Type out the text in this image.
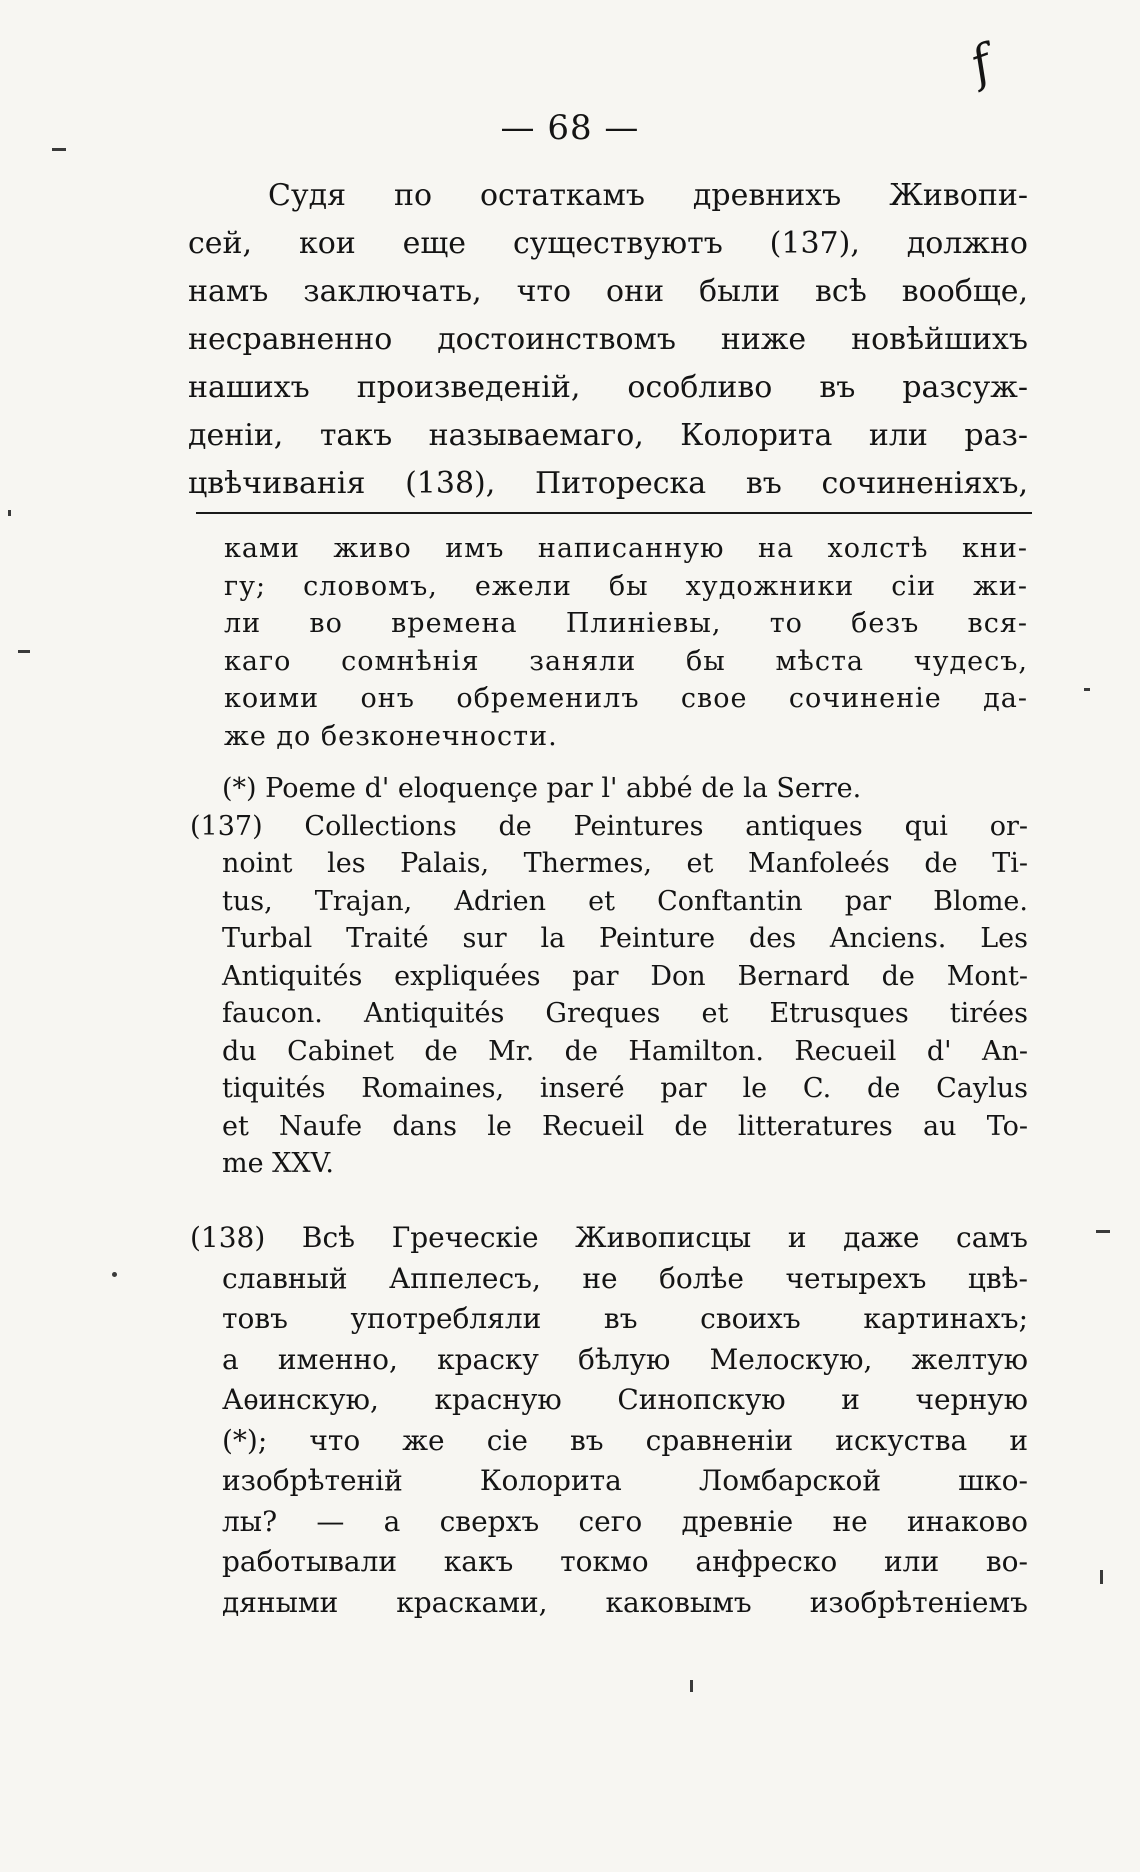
f
— 68 —
Судя по остаткамъ древнихъ Живопи-
сей, кои еще существуютъ (137), должно
намъ заключать, что они были всѣ вообще,
несравненно достоинствомъ ниже новѣйшихъ
нашихъ произведеній, особливо въ разсуж-
деніи, такъ называемаго, Колорита или раз-
цвѣчиванія (138), Питореска въ сочиненіяхъ,
ками живо имъ написанную на холстѣ кни-
гу; словомъ, ежели бы художники сіи жи-
ли во времена Плиніевы, то безъ вся-
каго сомнѣнія заняли бы мѣста чудесъ,
коими онъ обременилъ свое сочиненіе да-
же до безконечности.
(*) Poeme d' eloquençe par l' abbé de la Serre.
(137) Collections de Peintures antiques qui or-
noint les Palais, Thermes, et Manfoleés de Ti-
tus, Trajan, Adrien et Conftantin par Blome.
Turbal Traité sur la Peinture des Anciens. Les
Antiquités expliquées par Don Bernard de Mont-
faucon. Antiquités Greques et Etrusques tirées
du Cabinet de Mr. de Hamilton. Recueil d' An-
tiquités Romaines, inseré par le C. de Caylus
et Naufe dans le Recueil de litteratures au To-
me XXV.
(138) Всѣ Греческіе Живописцы и даже самъ
славный Аппелесъ, не болѣе четырехъ цвѣ-
товъ употребляли въ своихъ картинахъ;
а именно, краску бѣлую Мелоскую, желтую
Аѳинскую, красную Синопскую и черную
(*); что же сіе въ сравненіи искуства и
изобрѣтеній Колорита Ломбарской шко-
лы? — а сверхъ сего древніе не инаково
работывали какъ токмо анфреско или во-
дяными красками, каковымъ изобрѣтеніемъ
